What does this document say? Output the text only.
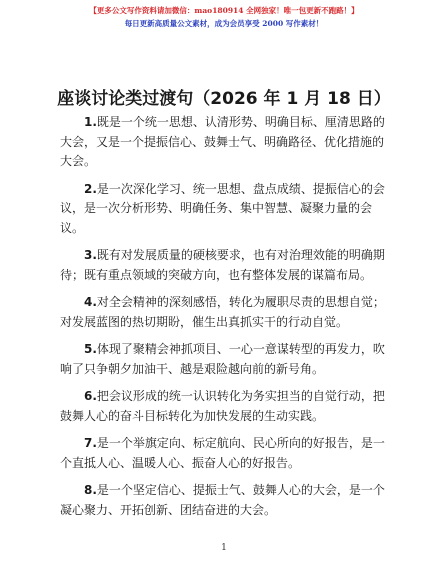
【更多公文写作资料请加微信：mao180914 全网独家！唯一包更新不跑路！】
每日更新高质量公文素材，成为会员享受 2000 写作素材！
座谈讨论类过渡句（2026 年 1 月 18 日）

1.既是一个统一思想、认清形势、明确目标、厘清思路的大会，又是一个提振信心、鼓舞士气、明确路径、优化措施的大会。

2.是一次深化学习、统一思想、盘点成绩、提振信心的会议，是一次分析形势、明确任务、集中智慧、凝聚力量的会议。

3.既有对发展质量的硬核要求，也有对治理效能的明确期待；既有重点领域的突破方向，也有整体发展的谋篇布局。

4.对全会精神的深刻感悟，转化为履职尽责的思想自觉；对发展蓝图的热切期盼，催生出真抓实干的行动自觉。

5.体现了聚精会神抓项目、一心一意谋转型的再发力，吹响了只争朝夕加油干、越是艰险越向前的新号角。

6.把会议形成的统一认识转化为务实担当的自觉行动，把鼓舞人心的奋斗目标转化为加快发展的生动实践。

7.是一个举旗定向、标定航向、民心所向的好报告，是一个直抵人心、温暖人心、振奋人心的好报告。

8.是一个坚定信心、提振士气、鼓舞人心的大会，是一个凝心聚力、开拓创新、团结奋进的大会。

1
